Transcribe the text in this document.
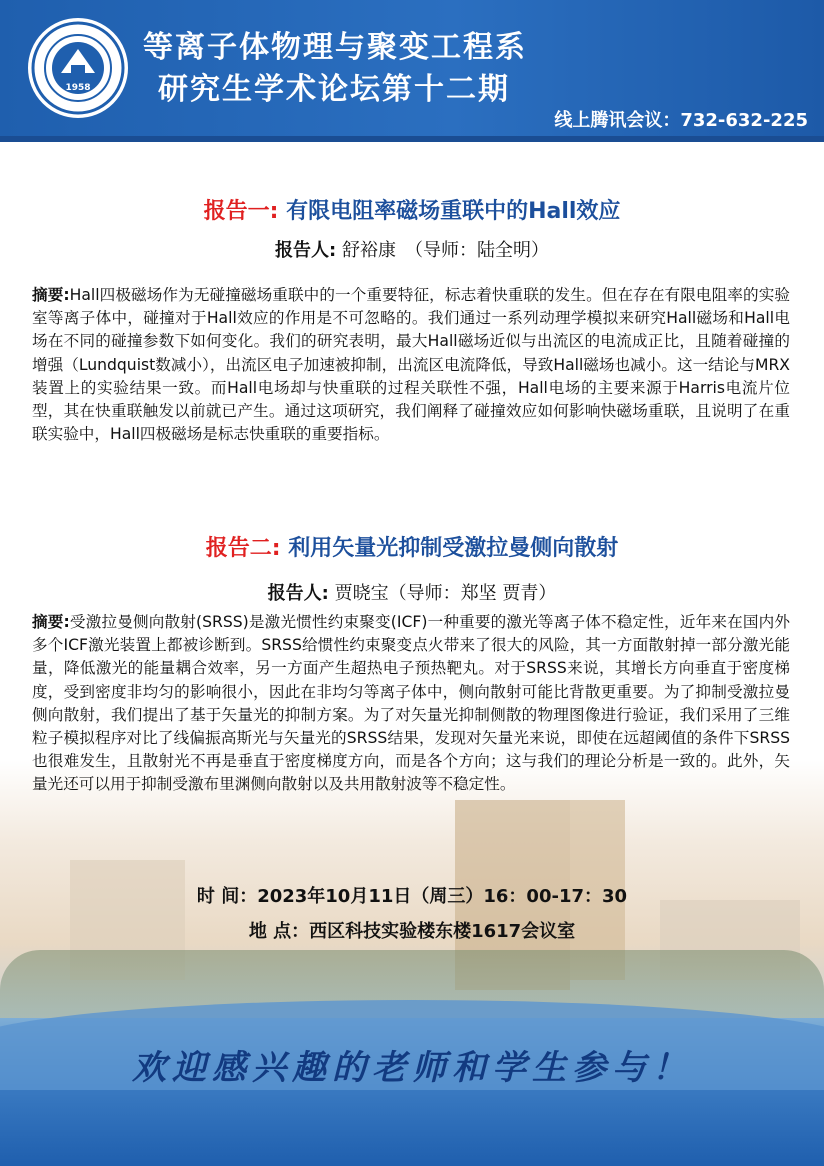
1958
等离子体物理与聚变工程系
研究生学术论坛第十二期
线上腾讯会议：732-632-225
报告一: 有限电阻率磁场重联中的Hall效应
报告人: 舒裕康　（导师：陆全明）
摘要:Hall四极磁场作为无碰撞磁场重联中的一个重要特征，标志着快重联的发生。但在存在有限电阻率的实验室等离子体中，碰撞对于Hall效应的作用是不可忽略的。我们通过一系列动理学模拟来研究Hall磁场和Hall电场在不同的碰撞参数下如何变化。我们的研究表明，最大Hall磁场近似与出流区的电流成正比，且随着碰撞的增强（Lundquist数减小），出流区电子加速被抑制，出流区电流降低，导致Hall磁场也减小。这一结论与MRX装置上的实验结果一致。而Hall电场却与快重联的过程关联性不强，Hall电场的主要来源于Harris电流片位型，其在快重联触发以前就已产生。通过这项研究，我们阐释了碰撞效应如何影响快磁场重联，且说明了在重联实验中，Hall四极磁场是标志快重联的重要指标。
报告二: 利用矢量光抑制受激拉曼侧向散射
报告人: 贾晓宝（导师：郑坚 贾青）
摘要:受激拉曼侧向散射(SRSS)是激光惯性约束聚变(ICF)一种重要的激光等离子体不稳定性，近年来在国内外多个ICF激光装置上都被诊断到。SRSS给惯性约束聚变点火带来了很大的风险，其一方面散射掉一部分激光能量，降低激光的能量耦合效率，另一方面产生超热电子预热靶丸。对于SRSS来说，其增长方向垂直于密度梯度，受到密度非均匀的影响很小，因此在非均匀等离子体中，侧向散射可能比背散更重要。为了抑制受激拉曼侧向散射，我们提出了基于矢量光的抑制方案。为了对矢量光抑制侧散的物理图像进行验证，我们采用了三维粒子模拟程序对比了线偏振高斯光与矢量光的SRSS结果，发现对矢量光来说，即使在远超阈值的条件下SRSS也很难发生，且散射光不再是垂直于密度梯度方向，而是各个方向；这与我们的理论分析是一致的。此外，矢量光还可以用于抑制受激布里渊侧向散射以及共用散射波等不稳定性。
时 间：2023年10月11日（周三）16：00-17：30
地 点：西区科技实验楼东楼1617会议室
欢迎感兴趣的老师和学生参与！
